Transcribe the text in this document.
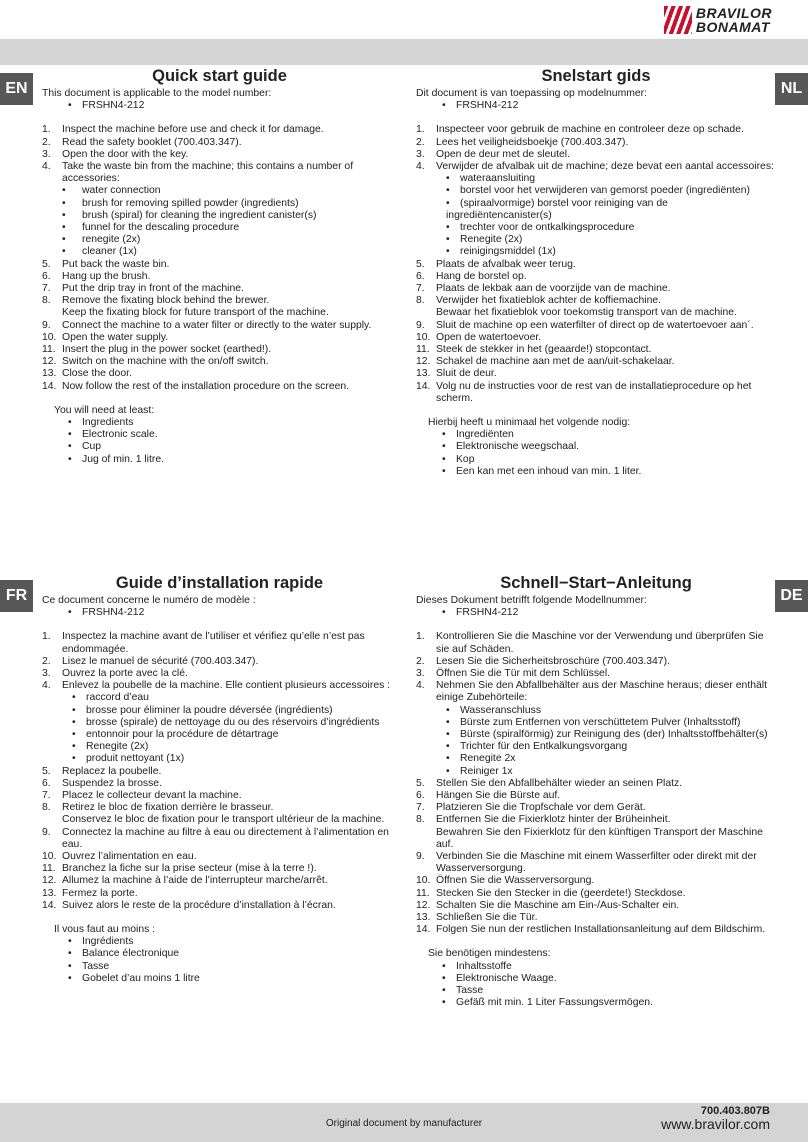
BRAVILOR
BONAMAT
EN	NL
FR	DE
Quick start guide
This document is applicable to the model number:
• FRSHN4-212
1. Inspect the machine before use and check it for damage.
2. Read the safety booklet (700.403.347).
3. Open the door with the key.
4. Take the waste bin from the machine; this contains a number of accessories:
• water connection
• brush for removing spilled powder (ingredients)
• brush (spiral) for cleaning the ingredient canister(s)
• funnel for the descaling procedure
• renegite (2x)
• cleaner (1x)
5. Put back the waste bin.
6. Hang up the brush.
7. Put the drip tray in front of the machine.
8. Remove the fixating block behind the brewer.
Keep the fixating block for future transport of the machine.
9. Connect the machine to a water filter or directly to the water supply.
10. Open the water supply.
11. Insert the plug in the power socket (earthed!).
12. Switch on the machine with the on/off switch.
13. Close the door.
14. Now follow the rest of the installation procedure on the screen.
You will need at least:
• Ingredients
• Electronic scale.
• Cup
• Jug of min. 1 litre.
Snelstart gids
Dit document is van toepassing op modelnummer:
• FRSHN4-212
1. Inspecteer voor gebruik de machine en controleer deze op schade.
2. Lees het veiligheidsboekje (700.403.347).
3. Open de deur met de sleutel.
4. Verwijder de afvalbak uit de machine; deze bevat een aantal accessoires:
• wateraansluiting
• borstel voor het verwijderen van gemorst poeder (ingrediënten)
• (spiraalvormige) borstel voor reiniging van de ingrediëntencanister(s)
• trechter voor de ontkalkingsprocedure
• Renegite (2x)
• reinigingsmiddel (1x)
5. Plaats de afvalbak weer terug.
6. Hang de borstel op.
7. Plaats de lekbak aan de voorzijde van de machine.
8. Verwijder het fixatieblok achter de koffiemachine.
Bewaar het fixatieblok voor toekomstig transport van de machine.
9. Sluit de machine op een waterfilter of direct op de watertoevoer aan´.
10. Open de watertoevoer.
11. Steek de stekker in het (geaarde!) stopcontact.
12. Schakel de machine aan met de aan/uit-schakelaar.
13. Sluit de deur.
14. Volg nu de instructies voor de rest van de installatieprocedure op het scherm.
Hierbij heeft u minimaal het volgende nodig:
• Ingrediënten
• Elektronische weegschaal.
• Kop
• Een kan met een inhoud van min. 1 liter.
Guide d’installation rapide
Ce document concerne le numéro de modèle :
• FRSHN4-212
1. Inspectez la machine avant de l’utiliser et vérifiez qu’elle n’est pas endommagée.
2. Lisez le manuel de sécurité (700.403.347).
3. Ouvrez la porte avec la clé.
4. Enlevez la poubelle de la machine. Elle contient plusieurs accessoires :
• raccord d’eau
• brosse pour éliminer la poudre déversée (ingrédients)
• brosse (spirale) de nettoyage du ou des réservoirs d’ingrédients
• entonnoir pour la procédure de détartrage
• Renegite (2x)
• produit nettoyant (1x)
5. Replacez la poubelle.
6. Suspendez la brosse.
7. Placez le collecteur devant la machine.
8. Retirez le bloc de fixation derrière le brasseur.
Conservez le bloc de fixation pour le transport ultérieur de la machine.
9. Connectez la machine au filtre à eau ou directement à l’alimentation en eau.
10. Ouvrez l’alimentation en eau.
11. Branchez la fiche sur la prise secteur (mise à la terre !).
12. Allumez la machine à l’aide de l’interrupteur marche/arrêt.
13. Fermez la porte.
14. Suivez alors le reste de la procédure d’installation à l’écran.
Il vous faut au moins :
• Ingrédients
• Balance électronique
• Tasse
• Gobelet d’au moins 1 litre
Schnell−Start−Anleitung
Dieses Dokument betrifft folgende Modellnummer:
• FRSHN4-212
1. Kontrollieren Sie die Maschine vor der Verwendung und überprüfen Sie sie auf Schäden.
2. Lesen Sie die Sicherheitsbroschüre (700.403.347).
3. Öffnen Sie die Tür mit dem Schlüssel.
4. Nehmen Sie den Abfallbehälter aus der Maschine heraus; dieser enthält einige Zubehörteile:
• Wasseranschluss
• Bürste zum Entfernen von verschüttetem Pulver (Inhaltsstoff)
• Bürste (spiralförmig) zur Reinigung des (der) Inhaltsstoffbehälter(s)
• Trichter für den Entkalkungsvorgang
• Renegite 2x
• Reiniger 1x
5. Stellen Sie den Abfallbehälter wieder an seinen Platz.
6. Hängen Sie die Bürste auf.
7. Platzieren Sie die Tropfschale vor dem Gerät.
8. Entfernen Sie die Fixierklotz hinter der Brüheinheit.
Bewahren Sie den Fixierklotz für den künftigen Transport der Maschine auf.
9. Verbinden Sie die Maschine mit einem Wasserfilter oder direkt mit der Wasserversorgung.
10. Öffnen Sie die Wasserversorgung.
11. Stecken Sie den Stecker in die (geerdete!) Steckdose.
12. Schalten Sie die Maschine am Ein-/Aus-Schalter ein.
13. Schließen Sie die Tür.
14. Folgen Sie nun der restlichen Installationsanleitung auf dem Bildschirm.
Sie benötigen mindestens:
• Inhaltsstoffe
• Elektronische Waage.
• Tasse
• Gefäß mit min. 1 Liter Fassungsvermögen.
Original document by manufacturer
700.403.807B
www.bravilor.com
